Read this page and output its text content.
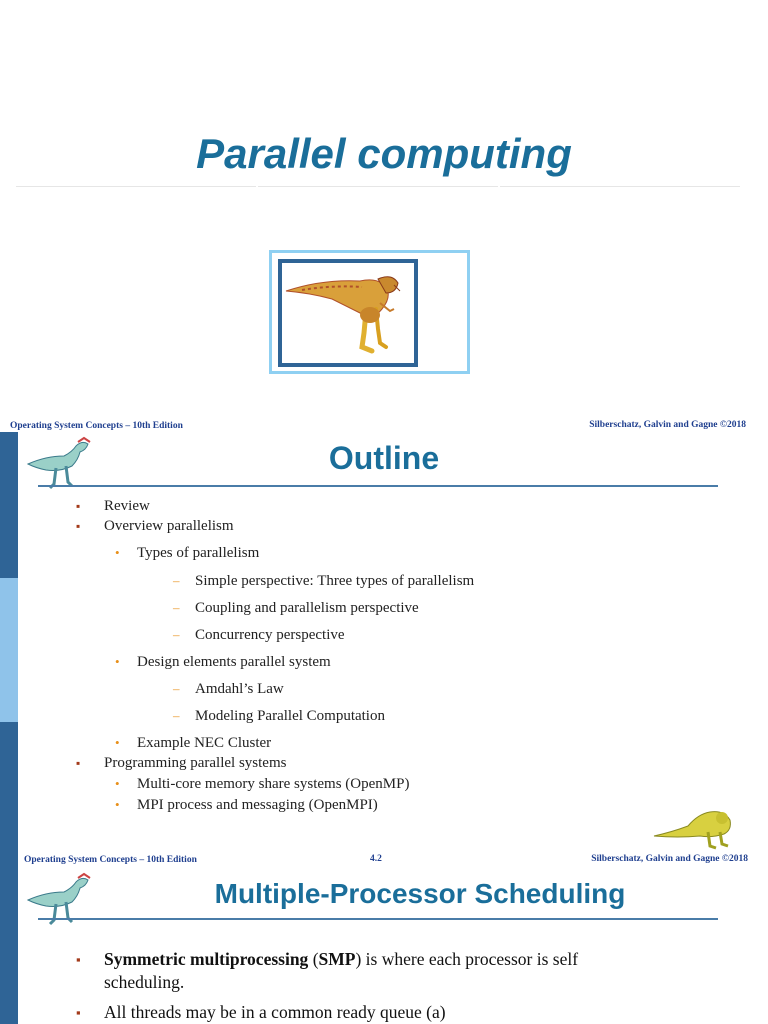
Parallel computing
Operating System Concepts – 10th Edition	Silberschatz, Galvin and Gagne ©2018
Outline
▪ Review
▪ Overview parallelism
• Types of parallelism
– Simple perspective: Three types of parallelism
– Coupling and parallelism perspective
– Concurrency perspective
• Design elements parallel system
– Amdahl’s Law
– Modeling Parallel Computation
• Example NEC Cluster
▪ Programming parallel systems
• Multi-core memory share systems (OpenMP)
• MPI process and messaging (OpenMPI)
Operating System Concepts – 10th Edition	4.2	Silberschatz, Galvin and Gagne ©2018
Multiple-Processor Scheduling
▪ Symmetric multiprocessing (SMP) is where each processor is self
scheduling.
▪ All threads may be in a common ready queue (a)
